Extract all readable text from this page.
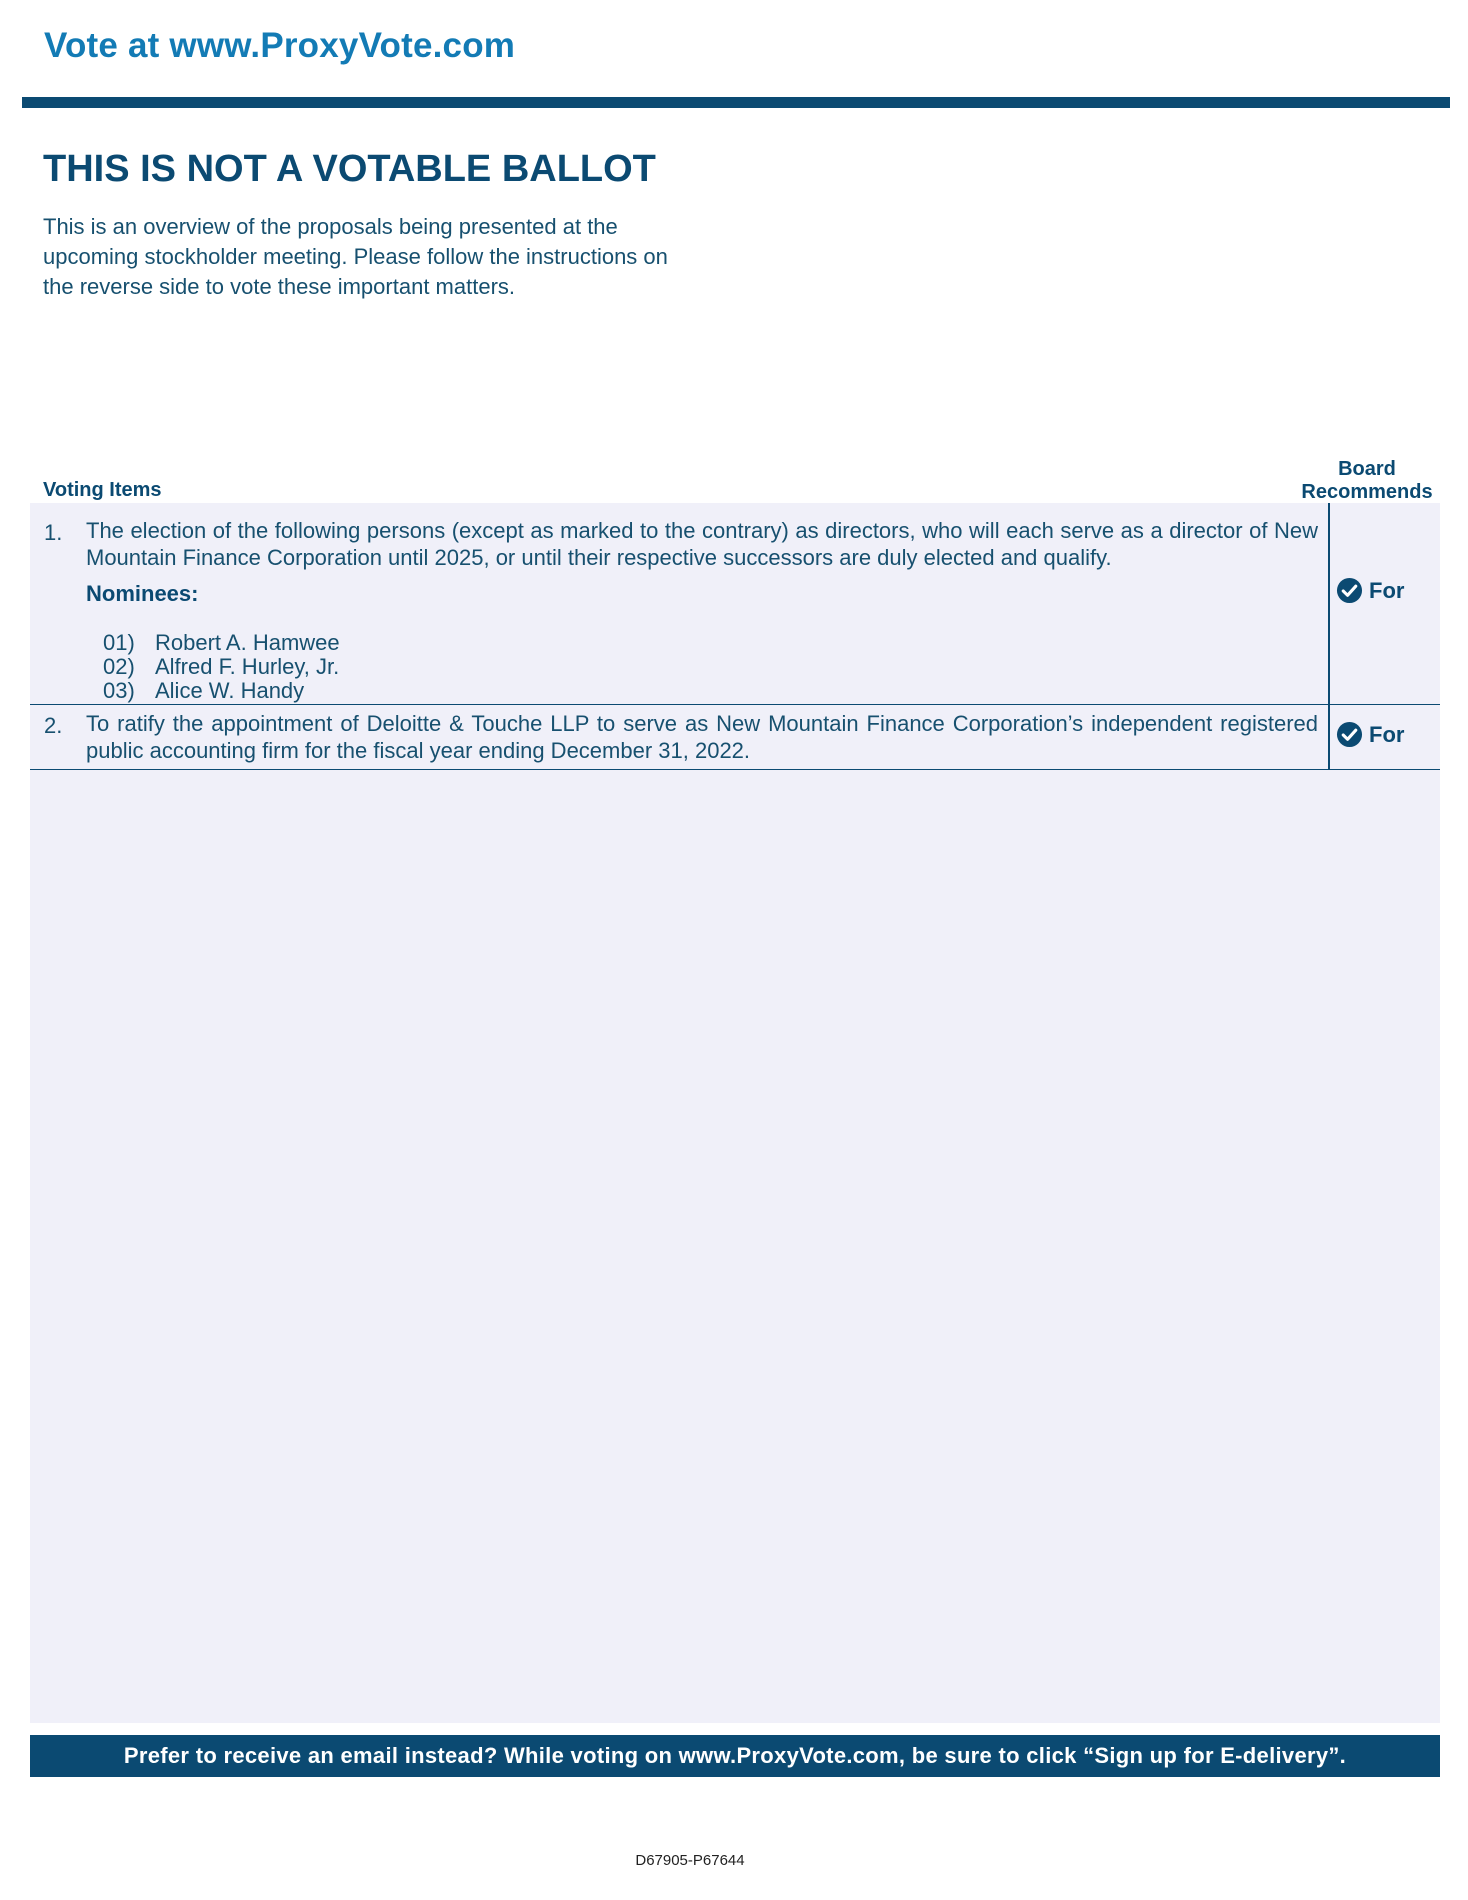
Vote at www.ProxyVote.com
THIS IS NOT A VOTABLE BALLOT
This is an overview of the proposals being presented at the
upcoming stockholder meeting. Please follow the instructions on
the reverse side to vote these important matters.
Voting Items
Board
Recommends
1. The election of the following persons (except as marked to the contrary) as directors, who will each serve as a director of New Mountain Finance Corporation until 2025, or until their respective successors are duly elected and qualify.
Nominees:
01) Robert A. Hamwee
02) Alfred F. Hurley, Jr.
03) Alice W. Handy
For
2. To ratify the appointment of Deloitte & Touche LLP to serve as New Mountain Finance Corporation’s independent registered public accounting firm for the fiscal year ending December 31, 2022.
For
Prefer to receive an email instead? While voting on www.ProxyVote.com, be sure to click “Sign up for E-delivery”.
D67905-P67644
